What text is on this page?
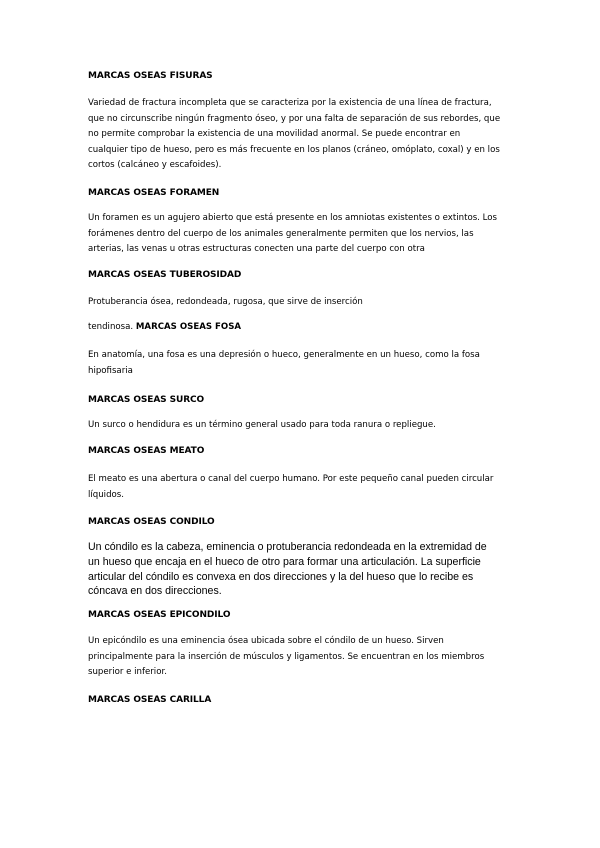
MARCAS OSEAS FISURAS

Variedad de fractura incompleta que se caracteriza por la existencia de una línea de fractura,
que no circunscribe ningún fragmento óseo, y por una falta de separación de sus rebordes, que
no permite comprobar la existencia de una movilidad anormal. Se puede encontrar en
cualquier tipo de hueso, pero es más frecuente en los planos (cráneo, omóplato, coxal) y en los
cortos (calcáneo y escafoides).

MARCAS OSEAS FORAMEN

Un foramen es un agujero abierto que está presente en los amniotas existentes o extintos. Los
forámenes dentro del cuerpo de los animales generalmente permiten que los nervios, las
arterias, las venas u otras estructuras conecten una parte del cuerpo con otra

MARCAS OSEAS TUBEROSIDAD

Protuberancia ósea, redondeada, rugosa, que sirve de inserción

tendinosa. MARCAS OSEAS FOSA

En anatomía, una fosa es una depresión o hueco, generalmente en un hueso, como la fosa
hipofisaria

MARCAS OSEAS SURCO

Un surco o hendidura es un término general usado para toda ranura o repliegue.

MARCAS OSEAS MEATO

El meato es una abertura o canal del cuerpo humano. Por este pequeño canal pueden circular
líquidos.

MARCAS OSEAS CONDILO

Un cóndilo es la cabeza, eminencia o protuberancia redondeada en la extremidad de
un hueso que encaja en el hueco de otro para formar una articulación. La superficie
articular del cóndilo es convexa en dos direcciones y la del hueso que lo recibe es
cóncava en dos direcciones.

MARCAS OSEAS EPICONDILO

Un epicóndilo es una eminencia ósea ubicada sobre el cóndilo de un hueso. Sirven
principalmente para la inserción de músculos y ligamentos. Se encuentran en los miembros
superior e inferior.

MARCAS OSEAS CARILLA
